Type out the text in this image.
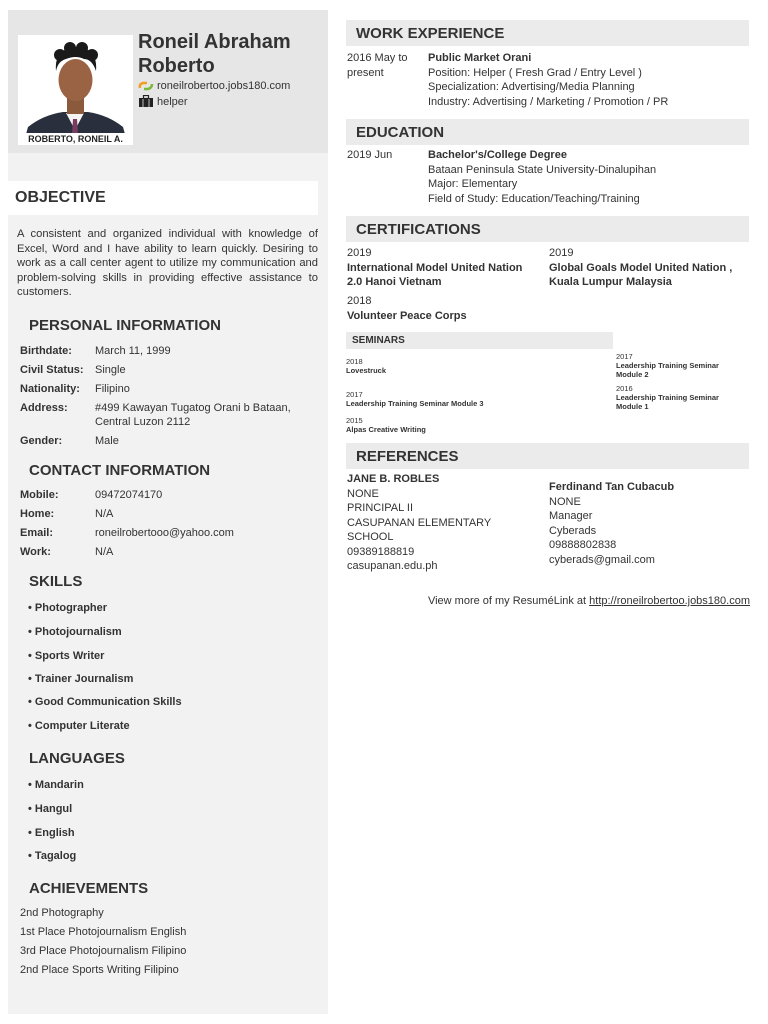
ROBERTO, RONEIL A.
Roneil Abraham
Roberto
roneilrobertoo.jobs180.com
helper
OBJECTIVE
A consistent and organized individual with knowledge of Excel, Word and I have ability to learn quickly. Desiring to work as a call center agent to utilize my communication and problem-solving skills in providing effective assistance to customers.
PERSONAL INFORMATION
Birthdate:	March 11, 1999
Civil Status:	Single
Nationality:	Filipino
Address:	#499 Kawayan Tugatog Orani b Bataan, Central Luzon 2112
Gender:	Male
CONTACT INFORMATION
Mobile:	09472074170
Home:	N/A
Email:	roneilrobertooo@yahoo.com
Work:	N/A
SKILLS
• Photographer
• Photojournalism
• Sports Writer
• Trainer Journalism
• Good Communication Skills
• Computer Literate
LANGUAGES
• Mandarin
• Hangul
• English
• Tagalog
ACHIEVEMENTS
2nd Photography
1st Place Photojournalism English
3rd Place Photojournalism Filipino
2nd Place Sports Writing Filipino
WORK EXPERIENCE
2016 May to
present
Public Market Orani
Position: Helper ( Fresh Grad / Entry Level )
Specialization: Advertising/Media Planning
Industry: Advertising / Marketing / Promotion / PR
EDUCATION
2019 Jun	Bachelor's/College Degree
Bataan Peninsula State University-Dinalupihan
Major: Elementary
Field of Study: Education/Teaching/Training
CERTIFICATIONS
2019
International Model United Nation
2.0 Hanoi Vietnam
2019
Global Goals Model United Nation ,
Kuala Lumpur Malaysia
2018
Volunteer Peace Corps
SEMINARS
2018
Lovestruck
2017
Leadership Training Seminar Module 3
2015
Alpas Creative Writing
2017
Leadership Training Seminar
Module 2
2016
Leadership Training Seminar
Module 1
REFERENCES
JANE B. ROBLES
NONE
PRINCIPAL II
CASUPANAN ELEMENTARY
SCHOOL
09389188819
casupanan.edu.ph
Ferdinand Tan Cubacub
NONE
Manager
Cyberads
09888802838
cyberads@gmail.com
View more of my ResuméLink at http://roneilrobertoo.jobs180.com
